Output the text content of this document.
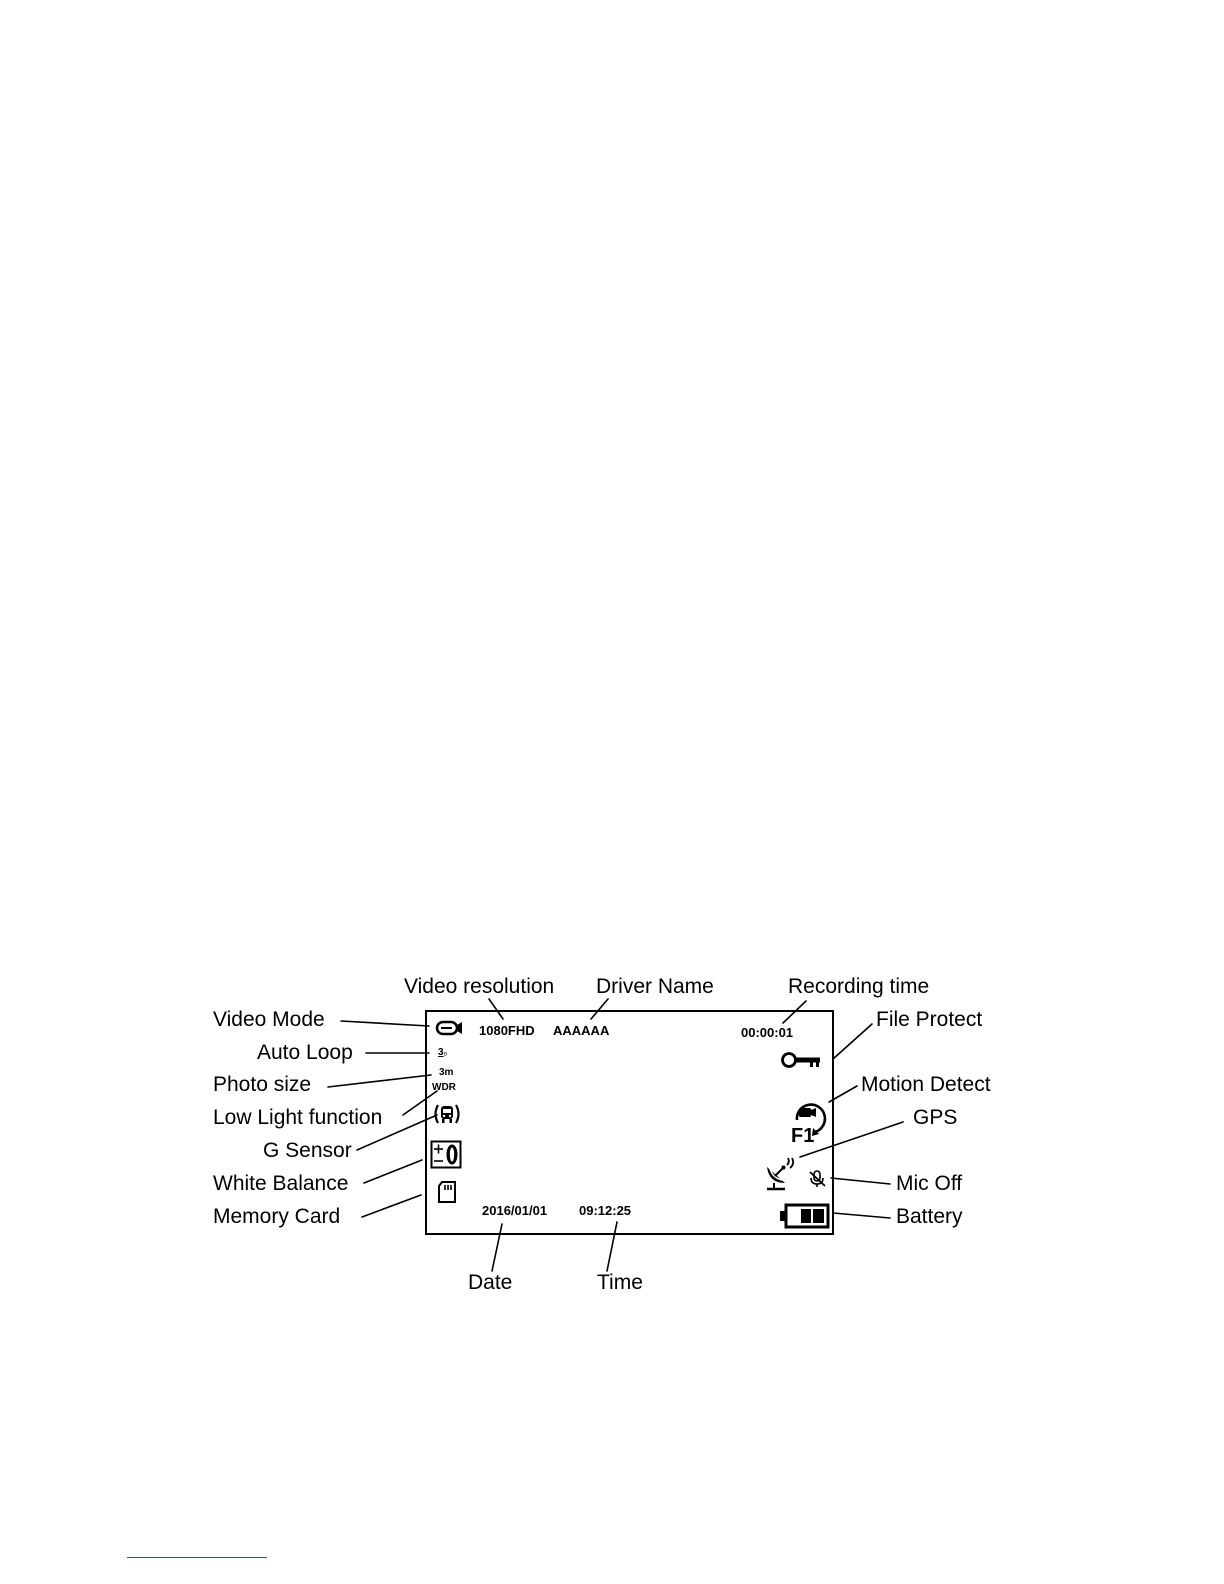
Video resolution Driver Name	Recording time
Video Mode	File Protect
Auto Loop
Photo size	Motion Detect
Low Light function	GPS
G Sensor
White Balance	Mic Off
Memory Card	Battery
Date	Time
1080FHD AAAAAA	00:00:01
2016/01/01 09:12:25
3ₒ
3m
WDR
F1
